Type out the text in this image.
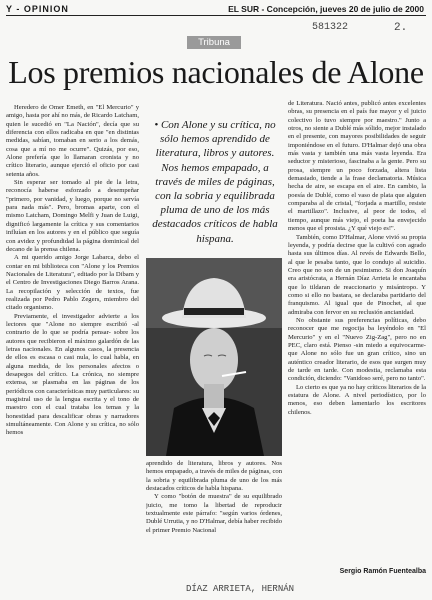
Y - OPINION	EL SUR - Concepción, jueves 20 de julio de 2000
581322	2.
Tribuna
Los premios nacionales de Alone

Heredero de Omer Emeth, en "El Mercurio" y amigo, hasta por ahí no más, de Ricardo Latcham, quien le sucedió en "La Nación", decía que su diferencia con ellos radicaba en que "en distintas medidas, sabían, tomaban en serio a los demás, cosa que a mí no me ocurre". Quizás, por eso, Alone prefería que lo llamaran cronista y no crítico literario, aunque ejerció el oficio por casi setenta años.

Sin esperar ser tomado al pie de la letra, reconocía haberse esforzado a desempeñar "primero, por vanidad, y luego, porque no servía para nada más". Pero, bromas aparte, con el mismo Latcham, Domingo Melfi y Juan de Luigi, dignificó largamente la crítica y sus comentarios influían en los autores y en el público que seguía con avidez y profundidad la página dominical del decano de la prensa chilena.

A mi querido amigo Jorge Labarca, debo el contar en mi biblioteca con "Alone y los Premios Nacionales de Literatura", editado por la Dibam y el Centro de Investigaciones Diego Barros Arana. La recopilación y selección de textos, fue realizada por Pedro Pablo Zegers, miembro del citado organismo.

Previamente, el investigador advierte a los lectores que "Alone no siempre escribió -al contrario de lo que se podría pensar- sobre los autores que recibieron el máximo galardón de las letras nacionales. En algunos casos, la presencia de ellos es escasa o casi nula, lo cual habla, en alguna medida, de los personales afectos o desapegos del crítico. La crónica, no siempre extensa, se plasmaba en las páginas de los periódicos con características muy particulares: su magistral uso de la lengua escrita y el tono de maestro con el cual trataba los temas y la honestidad para descalificar obras y narradores simultáneamente. Con Alone y su crítica, no sólo hemos

• Con Alone y su crítica, no sólo hemos aprendido de literatura, libros y autores. Nos hemos empapado, a través de miles de páginas, con la sobria y equilibrada pluma de uno de los más destacados críticos de habla hispana.

aprendido de literatura, libros y autores. Nos hemos empapado, a través de miles de páginas, con la sobria y equilibrada pluma de uno de los más destacados críticos de habla hispana.

Y como "botón de muestra" de su equilibrado juicio, me tomo la libertad de reproducir textualmente este párrafo: "según varios órdenes, Dublé Urrutia, y no D'Halmar, debía haber recibido el primer Premio Nacional

de Literatura. Nació antes, publicó antes excelentes obras, su presencia en el país fue mayor y el juicio colectivo lo tuvo siempre por maestro." Junto a otros, no siente a Dublé más sólido, mejor instalado en el presente, con mayores posibilidades de seguir imponiéndose en el futuro. D'Halmar dejó una obra más vasta y también una más vasta leyenda. Era seductor y misterioso, fascinaba a la gente. Pero su prosa, siempre un poco forzada, altera lista demasiado, tiende a la frase declamatoria. Música hecha de aire, se escapa en el aire. En cambio, la poesía de Dublé, como el vaso de plata que alguien comparaba al de cristal, "forjada a martillo, resiste el martillazo". Inclusive, al peor de todos, el tiempo, aunque más viejo, el poeta ha envejecido menos que el prosista. ¿Y qué viejo es!".

También, como D'Halmar, Alone vivió su propia leyenda, y podría decirse que la cultivó con agrado hasta sus últimos días. Al revés de Edwards Bello, al que le pesaba tanto, que lo condujo al suicidio. Creo que no son de un pesimismo. Si don Joaquín era aristócrata, a Hernán Díaz Arrieta le encantaba que lo tildaran de reaccionario y misántropo. Y como si ello no bastara, se declaraba partidario del franquismo. Al igual que de Pinochet, al que admiraba con fervor en su reclusión ancianidad.

No obstante sus preferencias políticas, debo reconocer que me regocija ba leyéndolo en "El Mercurio" y en el "Nuevo Zig-Zag", pero no en PEC, claro está. Pienso -sin miedo a equivocarme- que Alone no sólo fue un gran crítico, sino un auténtico creador literario, de esos que surgen muy de tarde en tarde. Con modestia, reclamaba esta condición, diciendo: "Vanidoso seré, pero no tanto".

Lo cierto es que ya no hay críticos literarios de la estatura de Alone. A nivel periodístico, por lo menos, eso deben lamentarlo los escritores chilenos.

Sergio Ramón Fuentealba
DÍAZ ARRIETA, HERNÁN
